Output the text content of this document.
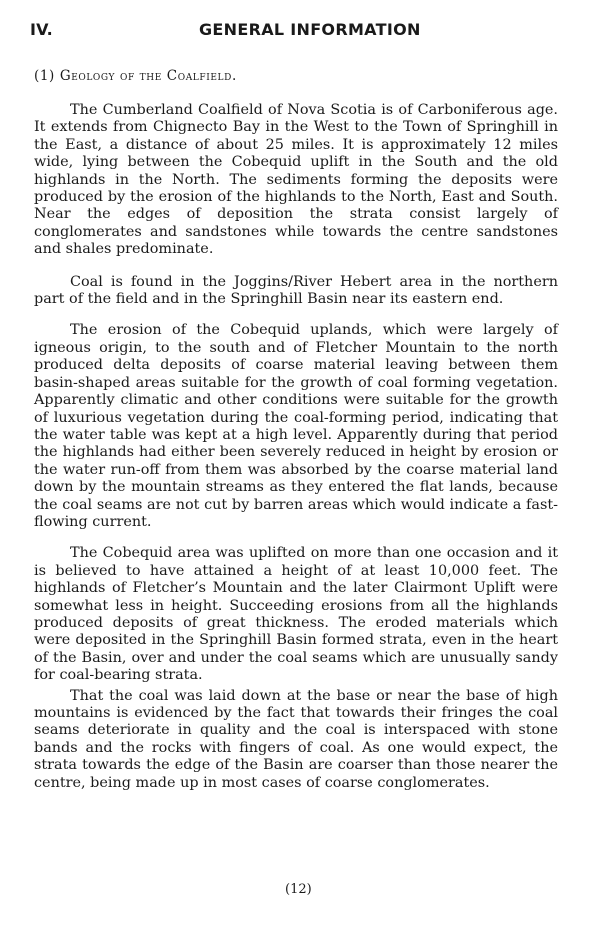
IV.	GENERAL INFORMATION
(1) Geology of the Coalfield.

The Cumberland Coalfield of Nova Scotia is of Carboniferous age. It extends from Chignecto Bay in the West to the Town of Springhill in the East, a distance of about 25 miles. It is approximately 12 miles wide, lying between the Cobequid uplift in the South and the old highlands in the North. The sediments forming the deposits were produced by the erosion of the highlands to the North, East and South. Near the edges of deposition the strata consist largely of conglomerates and sandstones while towards the centre sandstones and shales predominate.

Coal is found in the Joggins/River Hebert area in the northern part of the field and in the Springhill Basin near its eastern end.

The erosion of the Cobequid uplands, which were largely of igneous origin, to the south and of Fletcher Mountain to the north produced delta deposits of coarse material leaving between them basin-shaped areas suitable for the growth of coal forming vegetation. Apparently climatic and other conditions were suitable for the growth of luxurious vegetation during the coal-forming period, indicating that the water table was kept at a high level. Apparently during that period the highlands had either been severely reduced in height by erosion or the water run-off from them was absorbed by the coarse material land down by the mountain streams as they entered the flat lands, because the coal seams are not cut by barren areas which would indicate a fast-flowing current.

The Cobequid area was uplifted on more than one occasion and it is believed to have attained a height of at least 10,000 feet. The highlands of Fletcher’s Mountain and the later Clairmont Uplift were somewhat less in height. Succeeding erosions from all the highlands produced deposits of great thickness. The eroded materials which were deposited in the Springhill Basin formed strata, even in the heart of the Basin, over and under the coal seams which are unusually sandy for coal-bearing strata.

That the coal was laid down at the base or near the base of high mountains is evidenced by the fact that towards their fringes the coal seams deteriorate in quality and the coal is interspaced with stone bands and the rocks with fingers of coal. As one would expect, the strata towards the edge of the Basin are coarser than those nearer the centre, being made up in most cases of coarse conglomerates.

(12)
